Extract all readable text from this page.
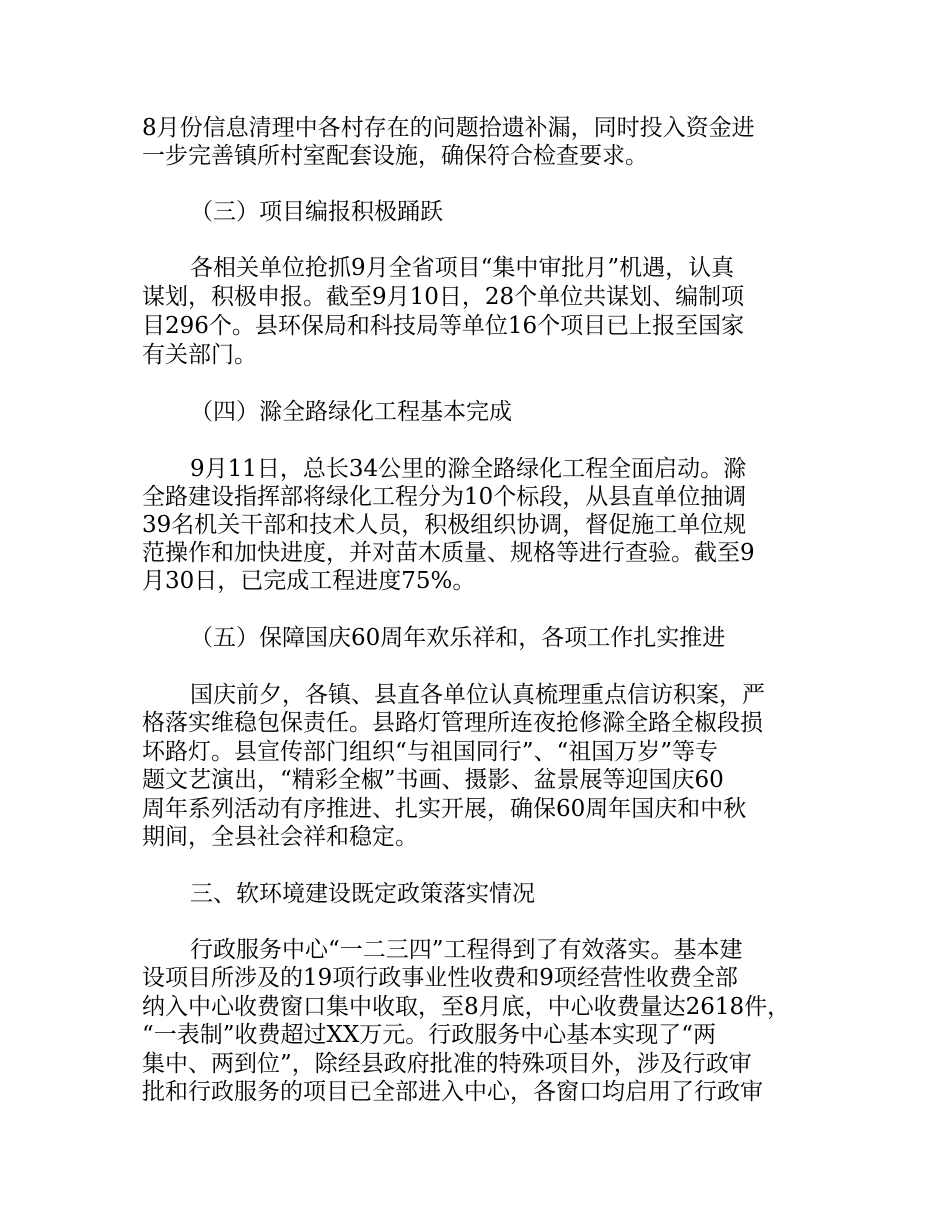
8月份信息清理中各村存在的问题拾遗补漏，同时投入资金进

一步完善镇所村室配套设施，确保符合检查要求。

（三）项目编报积极踊跃

各相关单位抢抓9月全省项目“集中审批月”机遇，认真

谋划，积极申报。截至9月10日，28个单位共谋划、编制项

目296个。县环保局和科技局等单位16个项目已上报至国家

有关部门。

（四）滁全路绿化工程基本完成

9月11日，总长34公里的滁全路绿化工程全面启动。滁

全路建设指挥部将绿化工程分为10个标段，从县直单位抽调

39名机关干部和技术人员，积极组织协调，督促施工单位规

范操作和加快进度，并对苗木质量、规格等进行查验。截至9

月30日，已完成工程进度75%。

（五）保障国庆60周年欢乐祥和，各项工作扎实推进

国庆前夕，各镇、县直各单位认真梳理重点信访积案，严

格落实维稳包保责任。县路灯管理所连夜抢修滁全路全椒段损

坏路灯。县宣传部门组织“与祖国同行”、“祖国万岁”等专

题文艺演出，“精彩全椒”书画、摄影、盆景展等迎国庆60

周年系列活动有序推进、扎实开展，确保60周年国庆和中秋

期间，全县社会祥和稳定。

三、软环境建设既定政策落实情况

行政服务中心“一二三四”工程得到了有效落实。基本建

设项目所涉及的19项行政事业性收费和9项经营性收费全部

纳入中心收费窗口集中收取，至8月底，中心收费量达2618件，

“一表制”收费超过XX万元。行政服务中心基本实现了“两

集中、两到位”，除经县政府批准的特殊项目外，涉及行政审

批和行政服务的项目已全部进入中心，各窗口均启用了行政审
